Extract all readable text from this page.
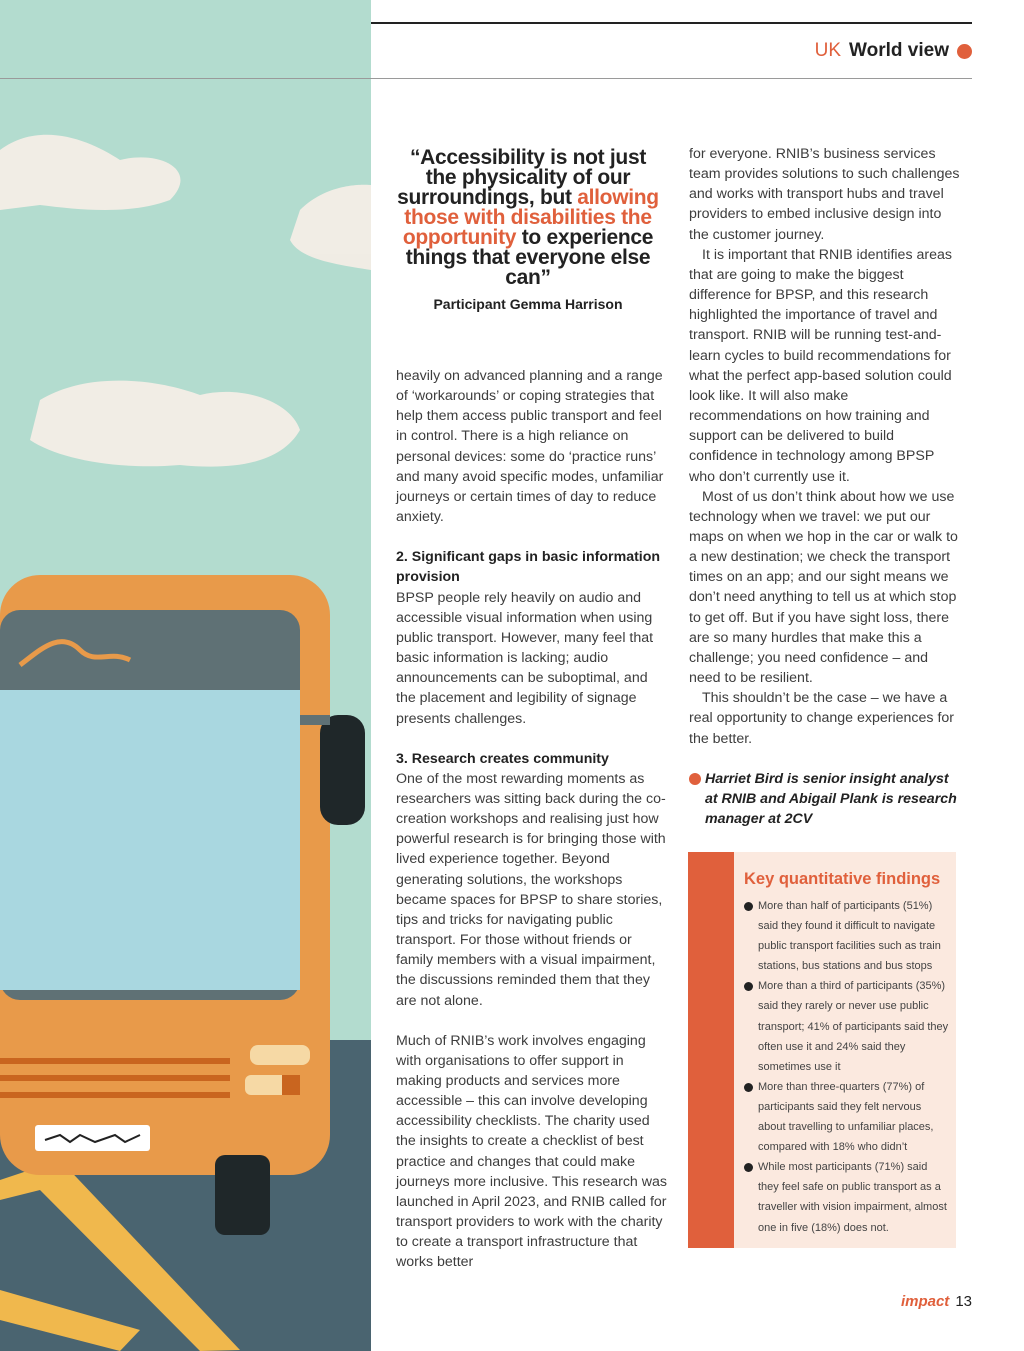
UK World view
“Accessibility is not just the physicality of our surroundings, but allowing those with disabilities the opportunity to experience things that everyone else can”
Participant Gemma Harrison

heavily on advanced planning and a range of ‘workarounds’ or coping strategies that help them access public transport and feel in control. There is a high reliance on personal devices: some do ‘practice runs’ and many avoid specific modes, unfamiliar journeys or certain times of day to reduce anxiety.

2. Significant gaps in basic information provision

BPSP people rely heavily on audio and accessible visual information when using public transport. However, many feel that basic information is lacking; audio announcements can be suboptimal, and the placement and legibility of signage presents challenges.

3. Research creates community

One of the most rewarding moments as researchers was sitting back during the co-creation workshops and realising just how powerful research is for bringing those with lived experience together. Beyond generating solutions, the workshops became spaces for BPSP to share stories, tips and tricks for navigating public transport. For those without friends or family members with a visual impairment, the discussions reminded them that they are not alone.

Much of RNIB’s work involves engaging with organisations to offer support in making products and services more accessible – this can involve developing accessibility checklists. The charity used the insights to create a checklist of best practice and changes that could make journeys more inclusive. This research was launched in April 2023, and RNIB called for transport providers to work with the charity to create a transport infrastructure that works better

for everyone. RNIB’s business services team provides solutions to such challenges and works with transport hubs and travel providers to embed inclusive design into the customer journey.

It is important that RNIB identifies areas that are going to make the biggest difference for BPSP, and this research highlighted the importance of travel and transport. RNIB will be running test-and-learn cycles to build recommendations for what the perfect app-based solution could look like. It will also make recommendations on how training and support can be delivered to build confidence in technology among BPSP who don’t currently use it.

Most of us don’t think about how we use technology when we travel: we put our maps on when we hop in the car or walk to a new destination; we check the transport times on an app; and our sight means we don’t need anything to tell us at which stop to get off. But if you have sight loss, there are so many hurdles that make this a challenge; you need confidence – and need to be resilient.

This shouldn’t be the case – we have a real opportunity to change experiences for the better.

Harriet Bird is senior insight analyst at RNIB and Abigail Plank is research manager at 2CV
Key quantitative findings
More than half of participants (51%) said they found it difficult to navigate public transport facilities such as train stations, bus stations and bus stops
More than a third of participants (35%) said they rarely or never use public transport; 41% of participants said they often use it and 24% said they sometimes use it
More than three-quarters (77%) of participants said they felt nervous about travelling to unfamiliar places, compared with 18% who didn’t
While most participants (71%) said they feel safe on public transport as a traveller with vision impairment, almost one in five (18%) does not.
impact 13
